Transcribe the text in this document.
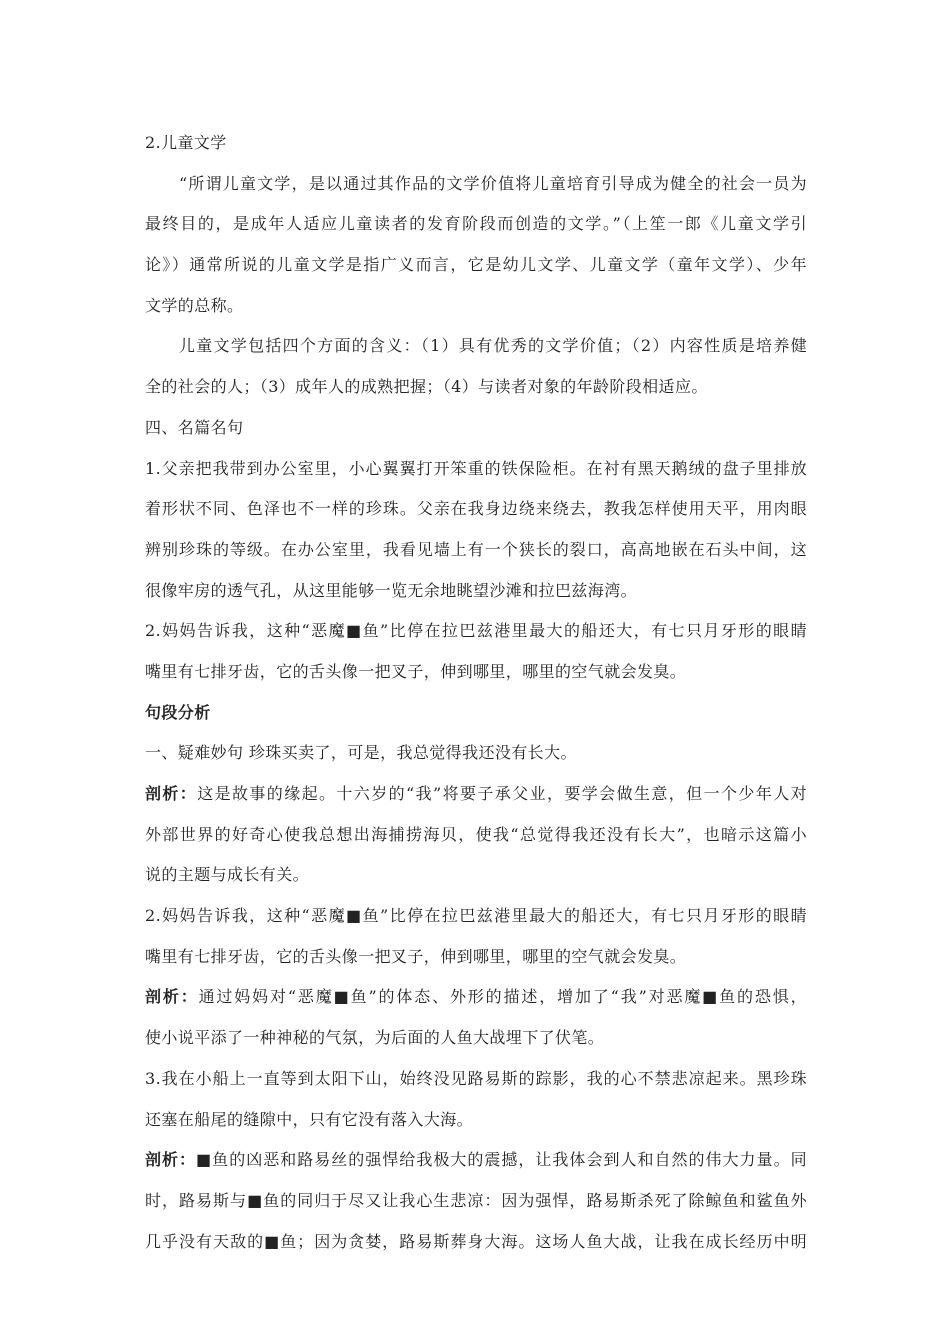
2.儿童文学
“所谓儿童文学，是以通过其作品的文学价值将儿童培育引导成为健全的社会一员为
最终目的，是成年人适应儿童读者的发育阶段而创造的文学。”（上笙一郎《儿童文学引
论》）通常所说的儿童文学是指广义而言，它是幼儿文学、儿童文学（童年文学）、少年
文学的总称。
儿童文学包括四个方面的含义：（1）具有优秀的文学价值；（2）内容性质是培养健
全的社会的人；（3）成年人的成熟把握；（4）与读者对象的年龄阶段相适应。
四、名篇名句
1.父亲把我带到办公室里，小心翼翼打开笨重的铁保险柜。在衬有黑天鹅绒的盘子里排放
着形状不同、色泽也不一样的珍珠。父亲在我身边绕来绕去，教我怎样使用天平，用肉眼
辨别珍珠的等级。在办公室里，我看见墙上有一个狭长的裂口，高高地嵌在石头中间，这
很像牢房的透气孔，从这里能够一览无余地眺望沙滩和拉巴兹海湾。
2.妈妈告诉我，这种“恶魔■鱼”比停在拉巴兹港里最大的船还大，有七只月牙形的眼睛
嘴里有七排牙齿，它的舌头像一把叉子，伸到哪里，哪里的空气就会发臭。
句段分析
一、疑难妙句 珍珠买卖了，可是，我总觉得我还没有长大。
剖析：这是故事的缘起。十六岁的“我”将要子承父业，要学会做生意，但一个少年人对
外部世界的好奇心使我总想出海捕捞海贝，使我“总觉得我还没有长大”，也暗示这篇小
说的主题与成长有关。
2.妈妈告诉我，这种“恶魔■鱼”比停在拉巴兹港里最大的船还大，有七只月牙形的眼睛
嘴里有七排牙齿，它的舌头像一把叉子，伸到哪里，哪里的空气就会发臭。
剖析：通过妈妈对“恶魔■鱼”的体态、外形的描述，增加了“我”对恶魔■鱼的恐惧，
使小说平添了一种神秘的气氛，为后面的人鱼大战埋下了伏笔。
3.我在小船上一直等到太阳下山，始终没见路易斯的踪影，我的心不禁悲凉起来。黑珍珠
还塞在船尾的缝隙中，只有它没有落入大海。
剖析：■鱼的凶恶和路易丝的强悍给我极大的震撼，让我体会到人和自然的伟大力量。同
时，路易斯与■鱼的同归于尽又让我心生悲凉：因为强悍，路易斯杀死了除鲸鱼和鲨鱼外
几乎没有天敌的■鱼；因为贪婪，路易斯葬身大海。这场人鱼大战，让我在成长经历中明
